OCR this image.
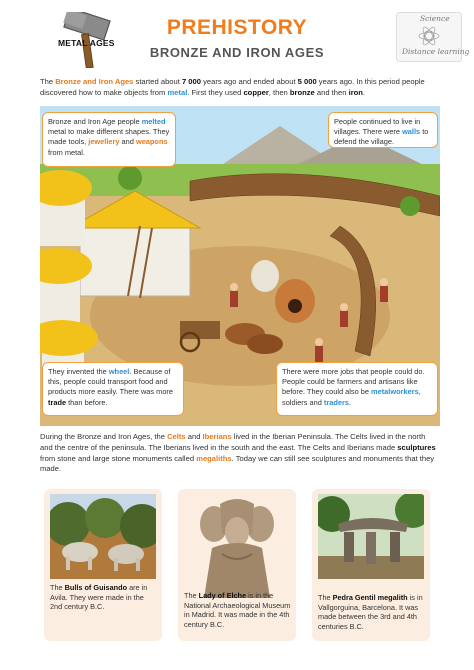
METAL AGES
PREHISTORY
BRONZE AND IRON AGES
Science
Distance learning

The Bronze and Iron Ages started about 7 000 years ago and ended about 5 000 years ago. In this period people discovered how to make objects from metal. First they used copper, then bronze and then iron.

Bronze and Iron Age people melted metal to make different shapes. They made tools, jewellery and weapons from metal.
People continued to live in villages. There were walls to defend the village.
They invented the wheel. Because of this, people could transport food and products more easily. There was more trade than before.
There were more jobs that people could do. People could be farmers and artisans like before. They could also be metalworkers, soldiers and traders.

During the Bronze and Iron Ages, the Celts and Iberians lived in the Iberian Peninsula. The Celts lived in the north and the centre of the peninsula. The Iberians lived in the south and the east. The Celts and Iberians made sculptures from stone and large stone monuments called megaliths. Today we can still see sculptures and monuments that they made.

The Bulls of Guisando are in Avila. They were made in the 2nd century B.C.

The Lady of Elche is in the National Archaeological Museum in Madrid. It was made in the 4th century B.C.

The Pedra Gentil megalith is in Vallgorguina, Barcelona. It was made between the 3rd and 4th centuries B.C.
